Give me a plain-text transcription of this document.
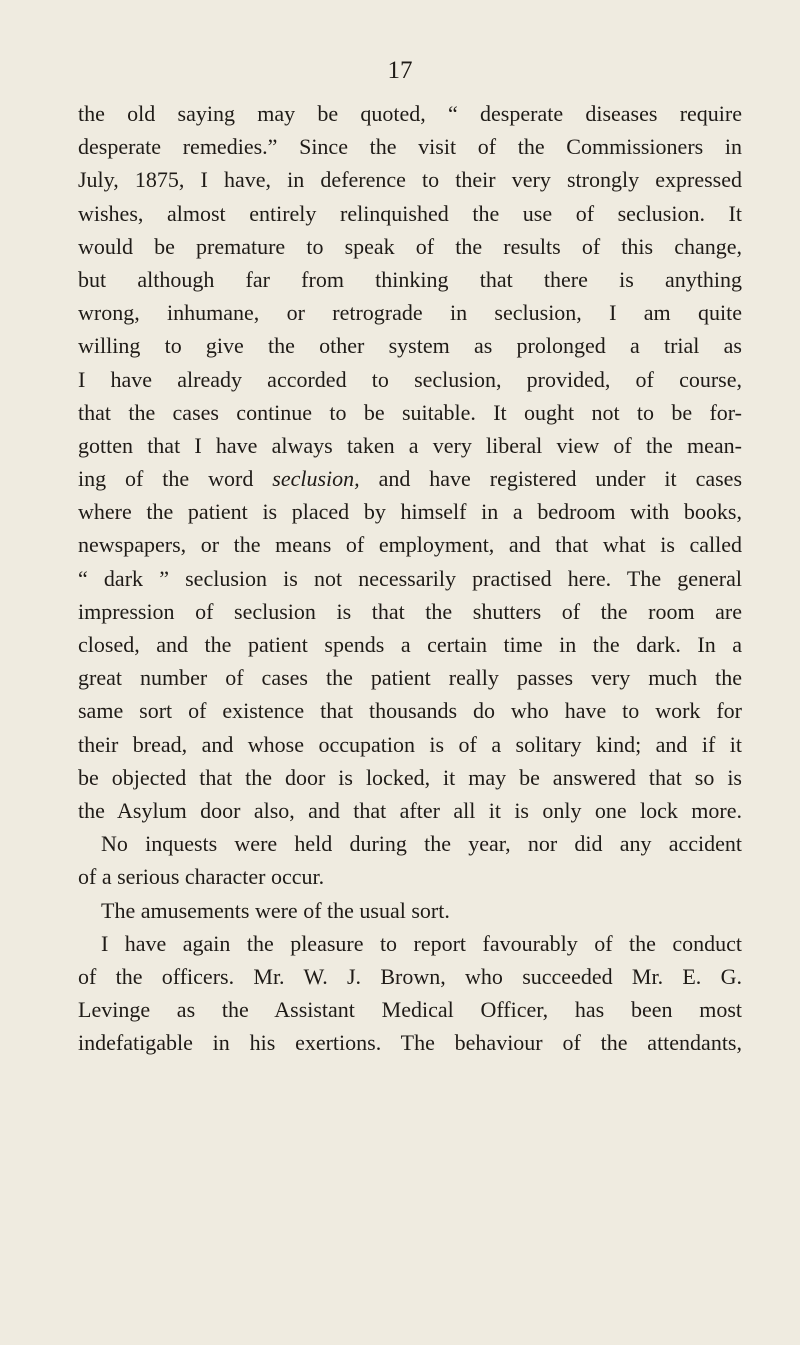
17
the old saying may be quoted, “ desperate diseases require
desperate remedies.” Since the visit of the Commissioners in
July, 1875, I have, in deference to their very strongly expressed
wishes, almost entirely relinquished the use of seclusion. It
would be premature to speak of the results of this change,
but although far from thinking that there is anything
wrong, inhumane, or retrograde in seclusion, I am quite
willing to give the other system as prolonged a trial as
I have already accorded to seclusion, provided, of course,
that the cases continue to be suitable. It ought not to be for-
gotten that I have always taken a very liberal view of the mean-
ing of the word seclusion, and have registered under it cases
where the patient is placed by himself in a bedroom with books,
newspapers, or the means of employment, and that what is called
“ dark ” seclusion is not necessarily practised here. The general
impression of seclusion is that the shutters of the room are
closed, and the patient spends a certain time in the dark. In a
great number of cases the patient really passes very much the
same sort of existence that thousands do who have to work for
their bread, and whose occupation is of a solitary kind; and if it
be objected that the door is locked, it may be answered that so is
the Asylum door also, and that after all it is only one lock more.
No inquests were held during the year, nor did any accident
of a serious character occur.
The amusements were of the usual sort.
I have again the pleasure to report favourably of the conduct
of the officers. Mr. W. J. Brown, who succeeded Mr. E. G.
Levinge as the Assistant Medical Officer, has been most
indefatigable in his exertions. The behaviour of the attendants,
